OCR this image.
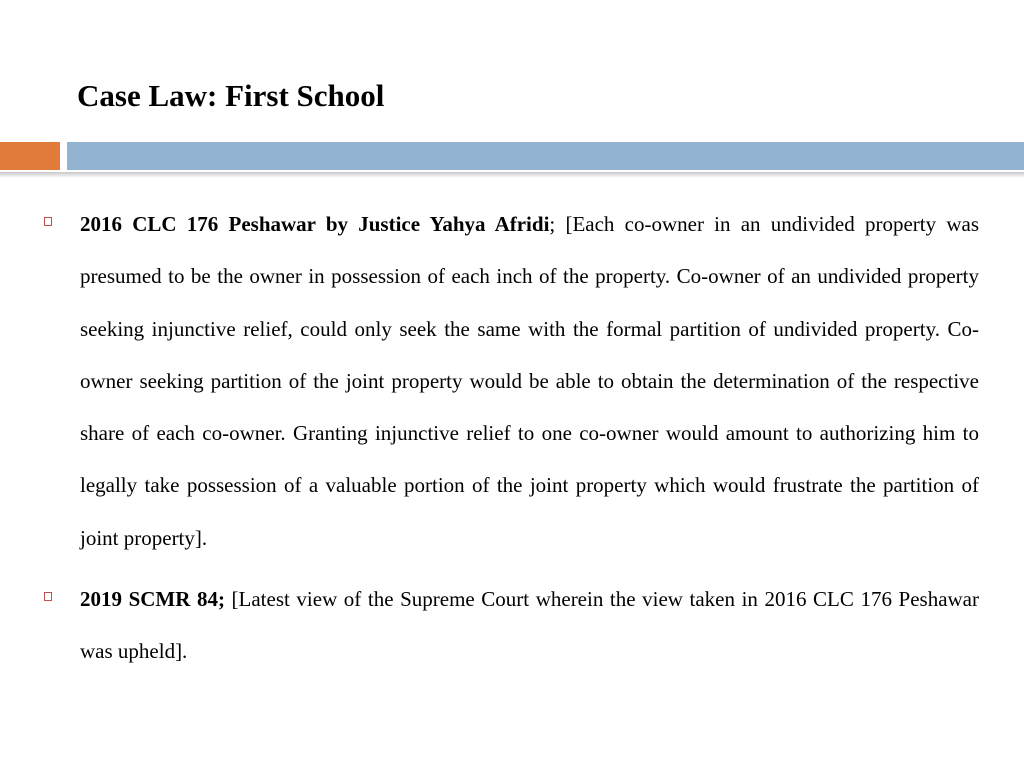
Case Law: First School

2016 CLC 176 Peshawar by Justice Yahya Afridi; [Each co-owner in an undivided property was presumed to be the owner in possession of each inch of the property. Co-owner of an undivided property seeking injunctive relief, could only seek the same with the formal partition of undivided property. Co-owner seeking partition of the joint property would be able to obtain the determination of the respective share of each co-owner. Granting injunctive relief to one co-owner would amount to authorizing him to legally take possession of a valuable portion of the joint property which would frustrate the partition of joint property].

2019 SCMR 84; [Latest view of the Supreme Court wherein the view taken in 2016 CLC 176 Peshawar was upheld].
